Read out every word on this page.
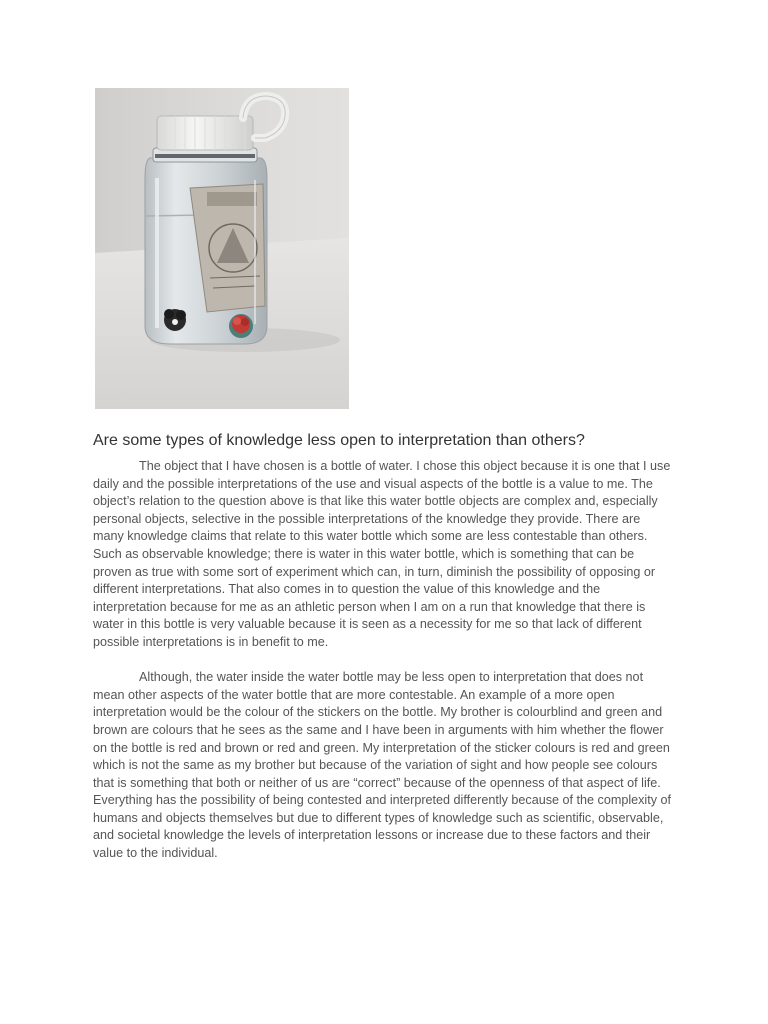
Are some types of knowledge less open to interpretation than others?

The object that I have chosen is a bottle of water. I chose this object because it is one that I use daily and the possible interpretations of the use and visual aspects of the bottle is a value to me. The object’s relation to the question above is that like this water bottle objects are complex and, especially personal objects, selective in the possible interpretations of the knowledge they provide. There are many knowledge claims that relate to this water bottle which some are less contestable than others. Such as observable knowledge; there is water in this water bottle, which is something that can be proven as true with some sort of experiment which can, in turn, diminish the possibility of opposing or different interpretations. That also comes in to question the value of this knowledge and the interpretation because for me as an athletic person when I am on a run that knowledge that there is water in this bottle is very valuable because it is seen as a necessity for me so that lack of different possible interpretations is in benefit to me.

Although, the water inside the water bottle may be less open to interpretation that does not mean other aspects of the water bottle that are more contestable. An example of a more open interpretation would be the colour of the stickers on the bottle. My brother is colourblind and green and brown are colours that he sees as the same and I have been in arguments with him whether the flower on the bottle is red and brown or red and green. My interpretation of the sticker colours is red and green which is not the same as my brother but because of the variation of sight and how people see colours that is something that both or neither of us are “correct” because of the openness of that aspect of life. Everything has the possibility of being contested and interpreted differently because of the complexity of humans and objects themselves but due to different types of knowledge such as scientific, observable, and societal knowledge the levels of interpretation lessons or increase due to these factors and their value to the individual.
